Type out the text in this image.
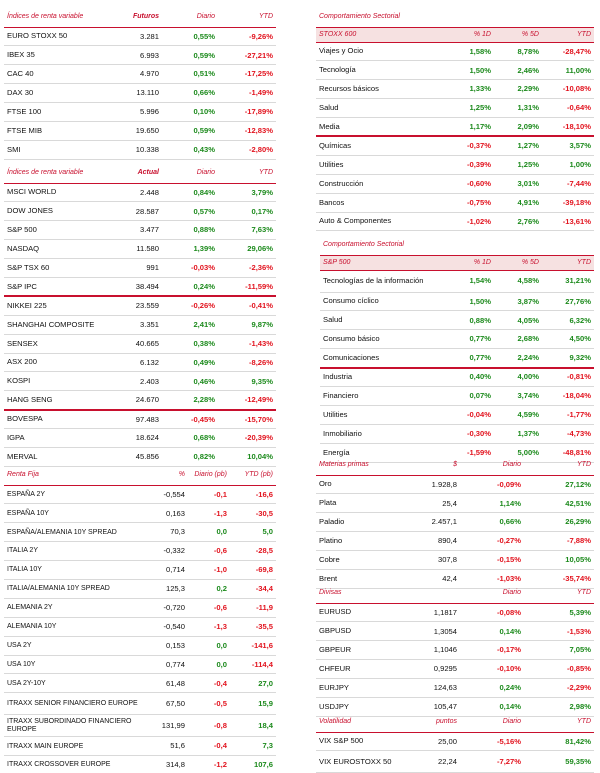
Índices de renta variable	Futuros	Diario	YTD
EURO STOXX 50	3.281	0,55%	-9,26%
IBEX 35	6.993	0,59%	-27,21%
CAC 40	4.970	0,51%	-17,25%
DAX 30	13.110	0,66%	-1,49%
FTSE 100	5.996	0,10%	-17,89%
FTSE MIB	19.650	0,59%	-12,83%
SMI	10.338	0,43%	-2,80%
Índices de renta variable	Actual	Diario	YTD
MSCI WORLD	2.448	0,84%	3,79%
DOW JONES	28.587	0,57%	0,17%
S&P 500	3.477	0,88%	7,63%
NASDAQ	11.580	1,39%	29,06%
S&P TSX 60	991	-0,03%	-2,36%
S&P IPC	38.494	0,24%	-11,59%
NIKKEI 225	23.559	-0,26%	-0,41%
SHANGHAI COMPOSITE	3.351	2,41%	9,87%
SENSEX	40.665	0,38%	-1,43%
ASX 200	6.132	0,49%	-8,26%
KOSPI	2.403	0,46%	9,35%
HANG SENG	24.670	2,28%	-12,49%
BOVESPA	97.483	-0,45%	-15,70%
IGPA	18.624	0,68%	-20,39%
MERVAL	45.856	0,82%	10,04%
Renta Fija	%	Diario (pb)	YTD (pb)
ESPAÑA 2Y	-0,554	-0,1	-16,6
ESPAÑA 10Y	0,163	-1,3	-30,5
ESPAÑA/ALEMANIA 10Y SPREAD	70,3	0,0	5,0
ITALIA 2Y	-0,332	-0,6	-28,5
ITALIA 10Y	0,714	-1,0	-69,8
ITALIA/ALEMANIA 10Y SPREAD	125,3	0,2	-34,4
ALEMANIA 2Y	-0,720	-0,6	-11,9
ALEMANIA 10Y	-0,540	-1,3	-35,5
USA 2Y	0,153	0,0	-141,6
USA 10Y	0,774	0,0	-114,4
USA 2Y-10Y	61,48	-0,4	27,0
ITRAXX SENIOR FINANCIERO EUROPE	67,50	-0,5	15,9
ITRAXX SUBORDINADO FINANCIERO EUROPE	131,99	-0,8	18,4
ITRAXX MAIN EUROPE	51,6	-0,4	7,3
ITRAXX CROSSOVER EUROPE	314,8	-1,2	107,6
Comportamiento Sectorial			
STOXX 600	% 1D	% 5D	YTD
Viajes y Ocio	1,58%	8,78%	-28,47%
Tecnología	1,50%	2,46%	11,00%
Recursos básicos	1,33%	2,29%	-10,08%
Salud	1,25%	1,31%	-0,64%
Media	1,17%	2,09%	-18,10%
Químicas	-0,37%	1,27%	3,57%
Utilities	-0,39%	1,25%	1,00%
Construcción	-0,60%	3,01%	-7,44%
Bancos	-0,75%	4,91%	-39,18%
Auto & Componentes	-1,02%	2,76%	-13,61%
Comportamiento Sectorial			
S&P 500	% 1D	% 5D	YTD
Tecnologías de la información	1,54%	4,58%	31,21%
Consumo cíclico	1,50%	3,87%	27,76%
Salud	0,88%	4,05%	6,32%
Consumo básico	0,77%	2,68%	4,50%
Comunicaciones	0,77%	2,24%	9,32%
Industria	0,40%	4,00%	-0,81%
Financiero	0,07%	3,74%	-18,04%
Utilities	-0,04%	4,59%	-1,77%
Inmobiliario	-0,30%	1,37%	-4,73%
Energía	-1,59%	5,00%	-48,81%
Materias primas	$	Diario	YTD
Oro	1.928,8	-0,09%	27,12%
Plata	25,4	1,14%	42,51%
Paladio	2.457,1	0,66%	26,29%
Platino	890,4	-0,27%	-7,88%
Cobre	307,8	-0,15%	10,05%
Brent	42,4	-1,03%	-35,74%
Divisas		Diario	YTD
EURUSD	1,1817	-0,08%	5,39%
GBPUSD	1,3054	0,14%	-1,53%
GBPEUR	1,1046	-0,17%	7,05%
CHFEUR	0,9295	-0,10%	-0,85%
EURJPY	124,63	0,24%	-2,29%
USDJPY	105,47	0,14%	2,98%
Volatilidad	puntos	Diario	YTD
VIX S&P 500	25,00	-5,16%	81,42%
VIX EUROSTOXX 50	22,24	-7,27%	59,35%
